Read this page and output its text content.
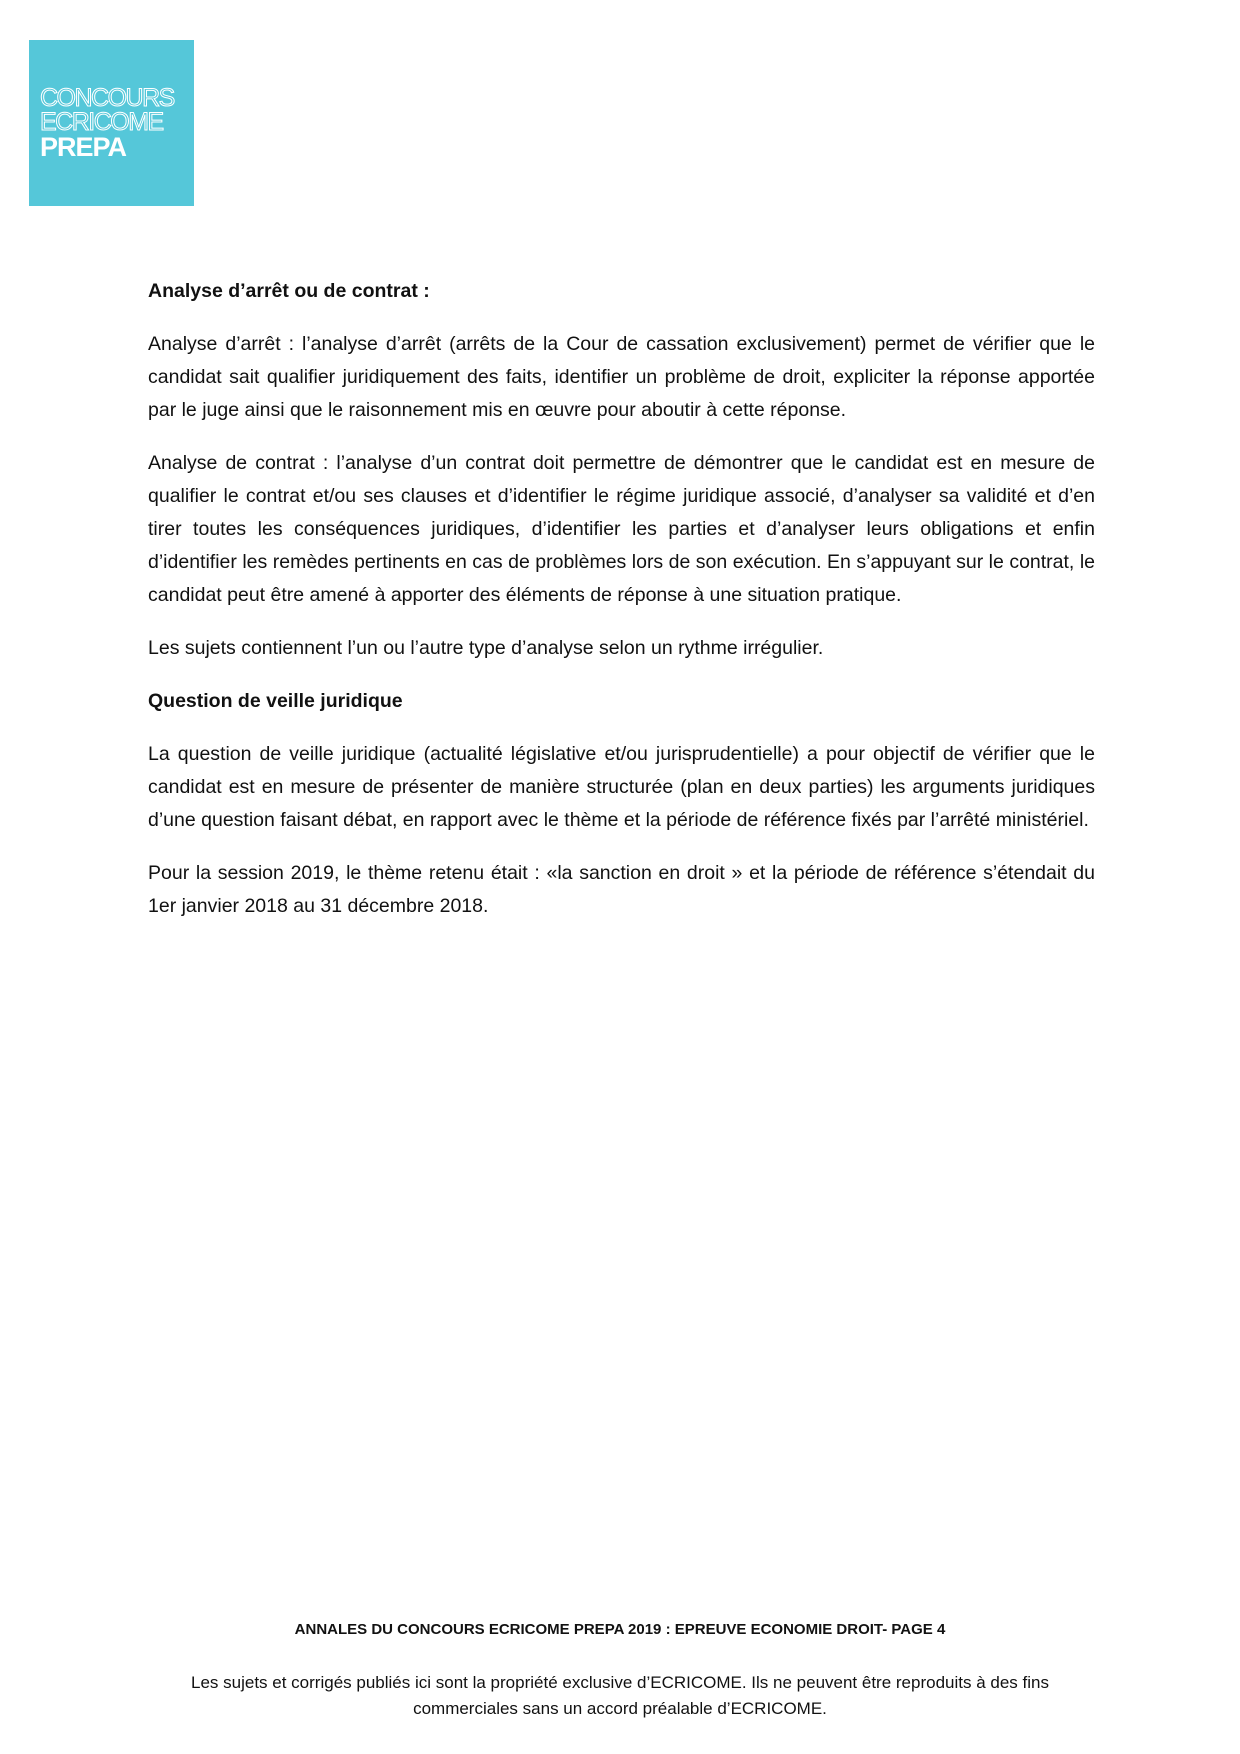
CONCOURS
ECRICOME
PREPA
Analyse d’arrêt ou de contrat :

Analyse d’arrêt : l’analyse d’arrêt (arrêts de la Cour de cassation exclusivement) permet de vérifier que le candidat sait qualifier juridiquement des faits, identifier un problème de droit, expliciter la réponse apportée par le juge ainsi que le raisonnement mis en œuvre pour aboutir à cette réponse.

Analyse de contrat : l’analyse d’un contrat doit permettre de démontrer que le candidat est en mesure de qualifier le contrat et/ou ses clauses et d’identifier le régime juridique associé, d’analyser sa validité et d’en tirer toutes les conséquences juridiques, d’identifier les parties et d’analyser leurs obligations et enfin d’identifier les remèdes pertinents en cas de problèmes lors de son exécution. En s’appuyant sur le contrat, le candidat peut être amené à apporter des éléments de réponse à une situation pratique.

Les sujets contiennent l’un ou l’autre type d’analyse selon un rythme irrégulier.

Question de veille juridique

La question de veille juridique (actualité législative et/ou jurisprudentielle) a pour objectif de vérifier que le candidat est en mesure de présenter de manière structurée (plan en deux parties) les arguments juridiques d’une question faisant débat, en rapport avec le thème et la période de référence fixés par l’arrêté ministériel.

Pour la session 2019, le thème retenu était : «la sanction en droit » et la période de référence s’étendait du 1er janvier 2018 au 31 décembre 2018.

ANNALES DU CONCOURS ECRICOME PREPA 2019 : EPREUVE ECONOMIE DROIT- PAGE 4
Les sujets et corrigés publiés ici sont la propriété exclusive d’ECRICOME. Ils ne peuvent être reproduits à des fins commerciales sans un accord préalable d’ECRICOME.
